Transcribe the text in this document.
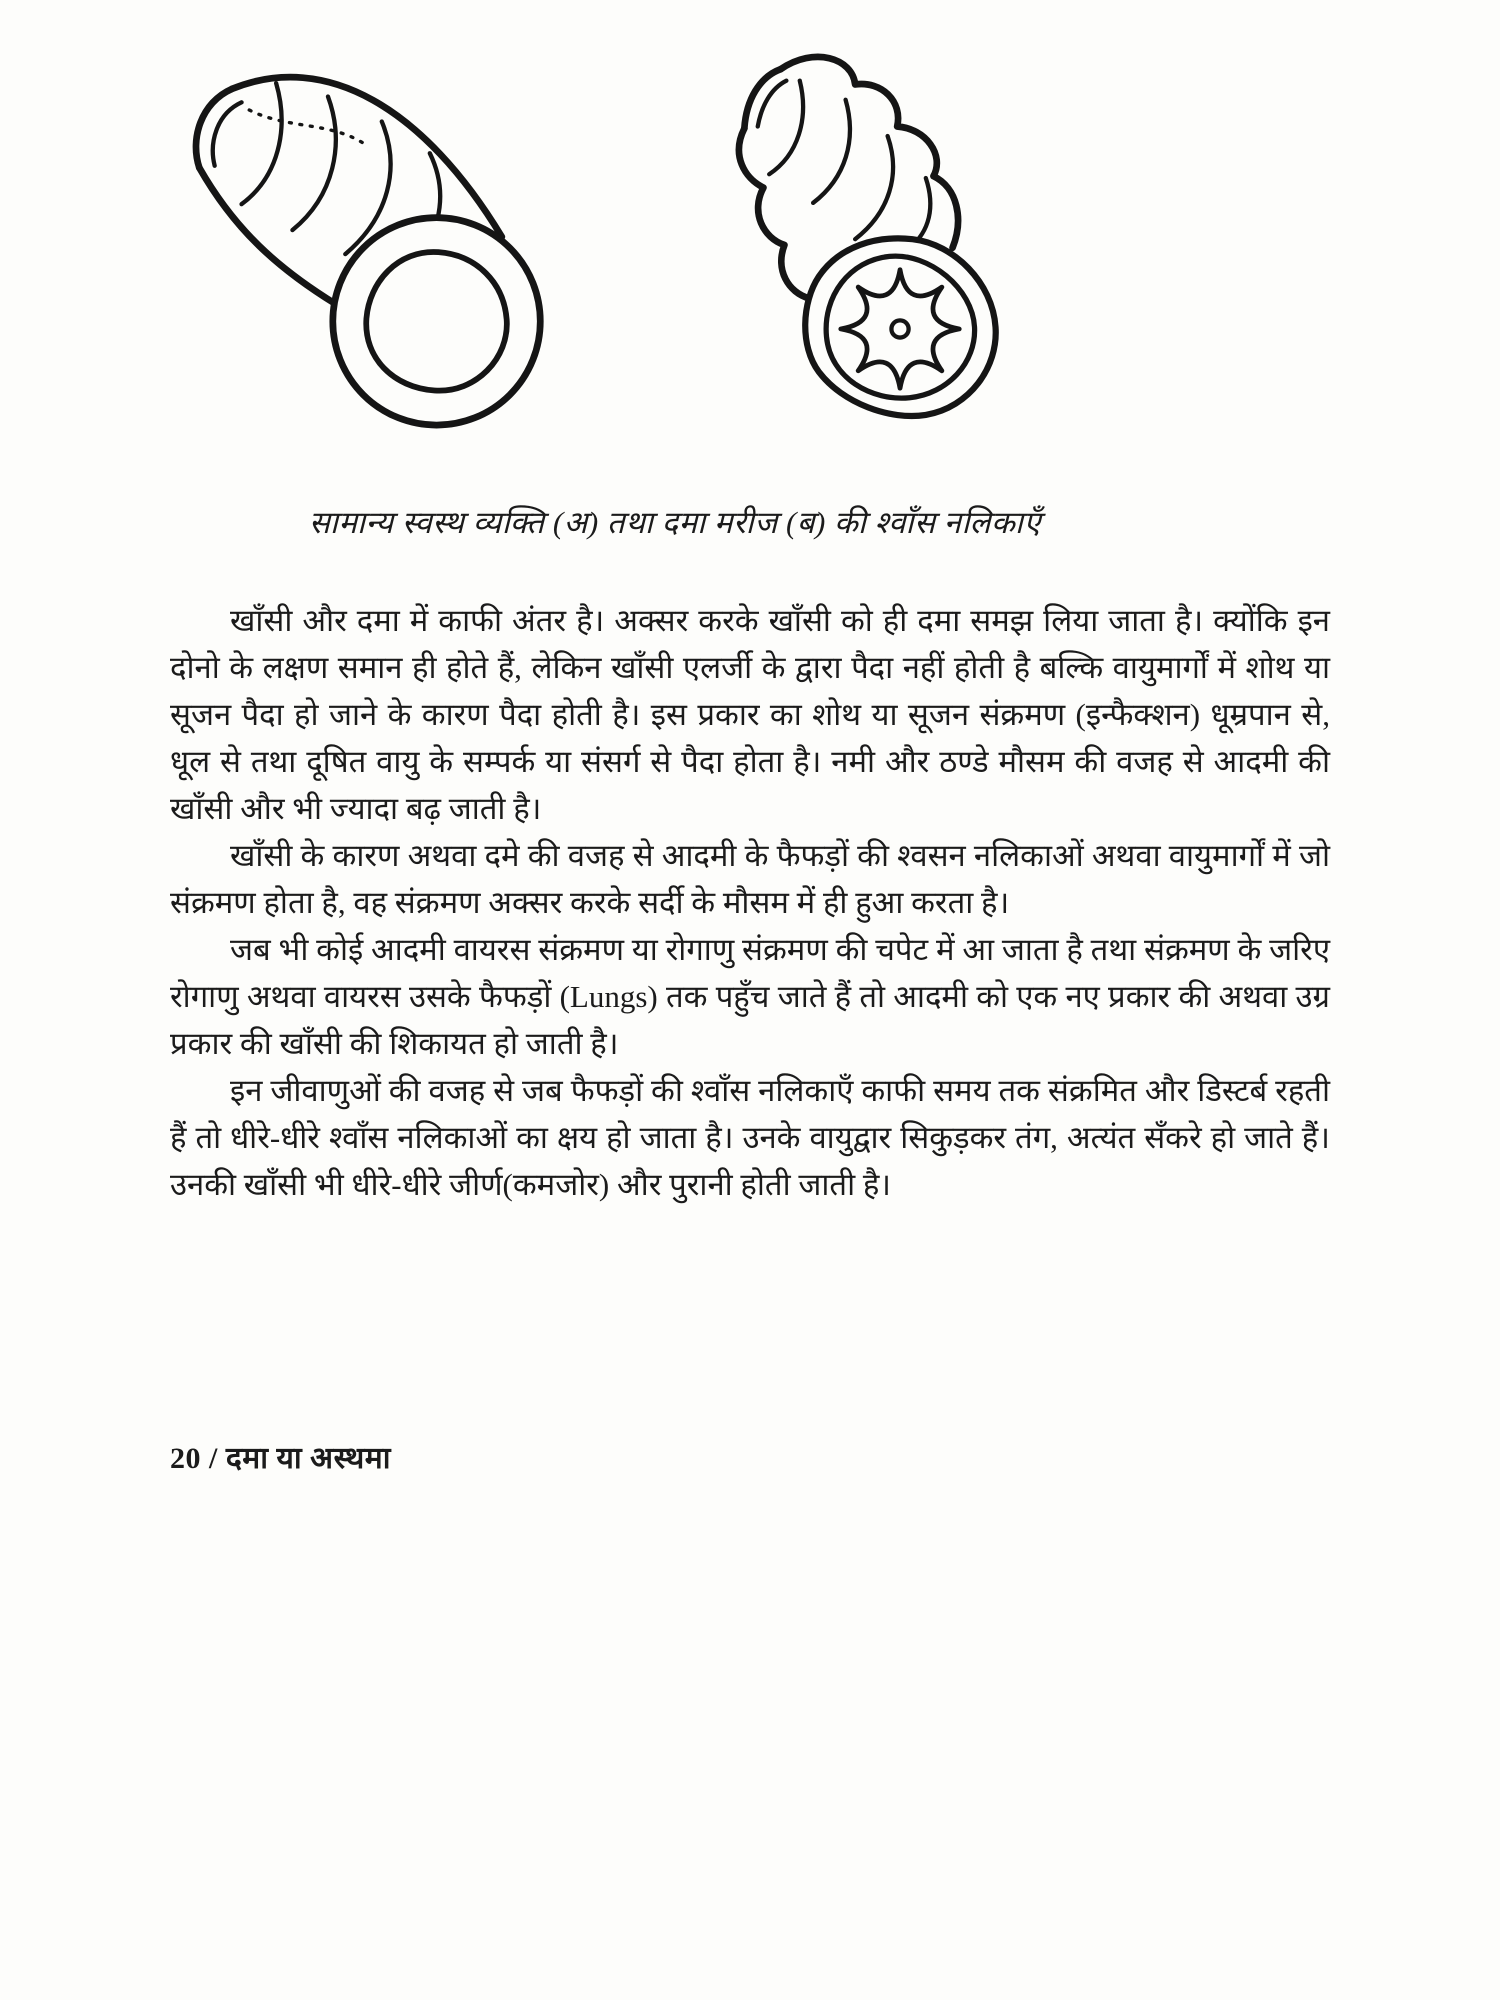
सामान्य स्वस्थ व्यक्ति (अ) तथा दमा मरीज (ब) की श्वाँस नलिकाएँ

खाँसी और दमा में काफी अंतर है। अक्सर करके खाँसी को ही दमा समझ लिया जाता है। क्योंकि इन दोनो के लक्षण समान ही होते हैं, लेकिन खाँसी एलर्जी के द्वारा पैदा नहीं होती है बल्कि वायुमार्गों में शोथ या सूजन पैदा हो जाने के कारण पैदा होती है। इस प्रकार का शोथ या सूजन संक्रमण (इन्फैक्शन) धूम्रपान से, धूल से तथा दूषित वायु के सम्पर्क या संसर्ग से पैदा होता है। नमी और ठण्डे मौसम की वजह से आदमी की खाँसी और भी ज्यादा बढ़ जाती है।

खाँसी के कारण अथवा दमे की वजह से आदमी के फैफड़ों की श्वसन नलिकाओं अथवा वायुमार्गों में जो संक्रमण होता है, वह संक्रमण अक्सर करके सर्दी के मौसम में ही हुआ करता है।

जब भी कोई आदमी वायरस संक्रमण या रोगाणु संक्रमण की चपेट में आ जाता है तथा संक्रमण के जरिए रोगाणु अथवा वायरस उसके फैफड़ों (Lungs) तक पहुँच जाते हैं तो आदमी को एक नए प्रकार की अथवा उग्र प्रकार की खाँसी की शिकायत हो जाती है।

इन जीवाणुओं की वजह से जब फैफड़ों की श्वाँस नलिकाएँ काफी समय तक संक्रमित और डिस्टर्ब रहती हैं तो धीरे-धीरे श्वाँस नलिकाओं का क्षय हो जाता है। उनके वायुद्वार सिकुड़कर तंग, अत्यंत सँकरे हो जाते हैं। उनकी खाँसी भी धीरे-धीरे जीर्ण(कमजोर) और पुरानी होती जाती है।

20 / दमा या अस्थमा
